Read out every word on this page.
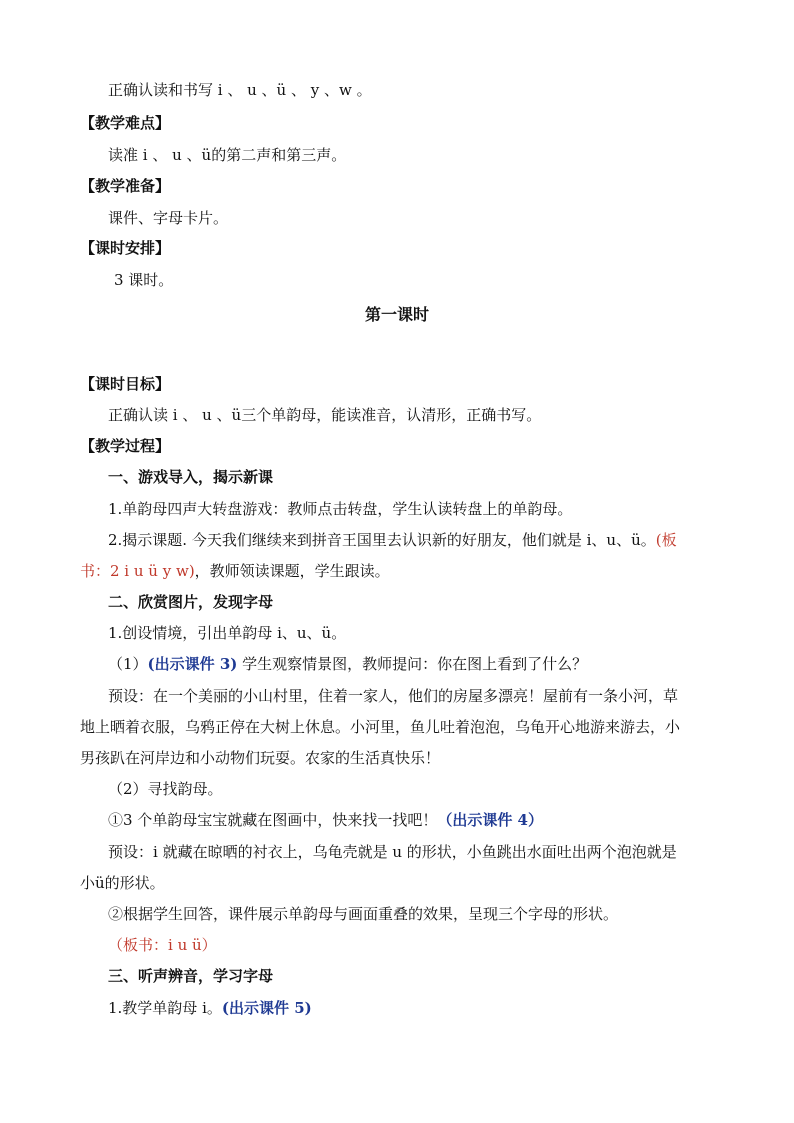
正确认读和书写 i 、 u 、ü 、 y 、w 。
【教学难点】
读准 i 、 u 、ü的第二声和第三声。
【教学准备】
课件、字母卡片。
【课时安排】
3 课时。
第一课时
【课时目标】
正确认读 i 、 u 、ü三个单韵母，能读准音，认清形，正确书写。
【教学过程】
一、游戏导入，揭示新课
1.单韵母四声大转盘游戏：教师点击转盘，学生认读转盘上的单韵母。
2.揭示课题. 今天我们继续来到拼音王国里去认识新的好朋友，他们就是 i、u、ü。(板
书：2 i u ü y w)，教师领读课题，学生跟读。
二、欣赏图片，发现字母
1.创设情境，引出单韵母 i、u、ü。
（1）(出示课件 3) 学生观察情景图，教师提问：你在图上看到了什么？
预设：在一个美丽的小山村里，住着一家人，他们的房屋多漂亮！屋前有一条小河，草
地上晒着衣服，乌鸦正停在大树上休息。小河里，鱼儿吐着泡泡，乌龟开心地游来游去，小
男孩趴在河岸边和小动物们玩耍。农家的生活真快乐！
（2）寻找韵母。
①3 个单韵母宝宝就藏在图画中，快来找一找吧！（出示课件 4）
预设：i 就藏在晾晒的衬衣上，乌龟壳就是 u 的形状，小鱼跳出水面吐出两个泡泡就是
小ü的形状。
②根据学生回答，课件展示单韵母与画面重叠的效果，呈现三个字母的形状。
（板书：i u ü）
三、听声辨音，学习字母
1.教学单韵母 i。(出示课件 5)
